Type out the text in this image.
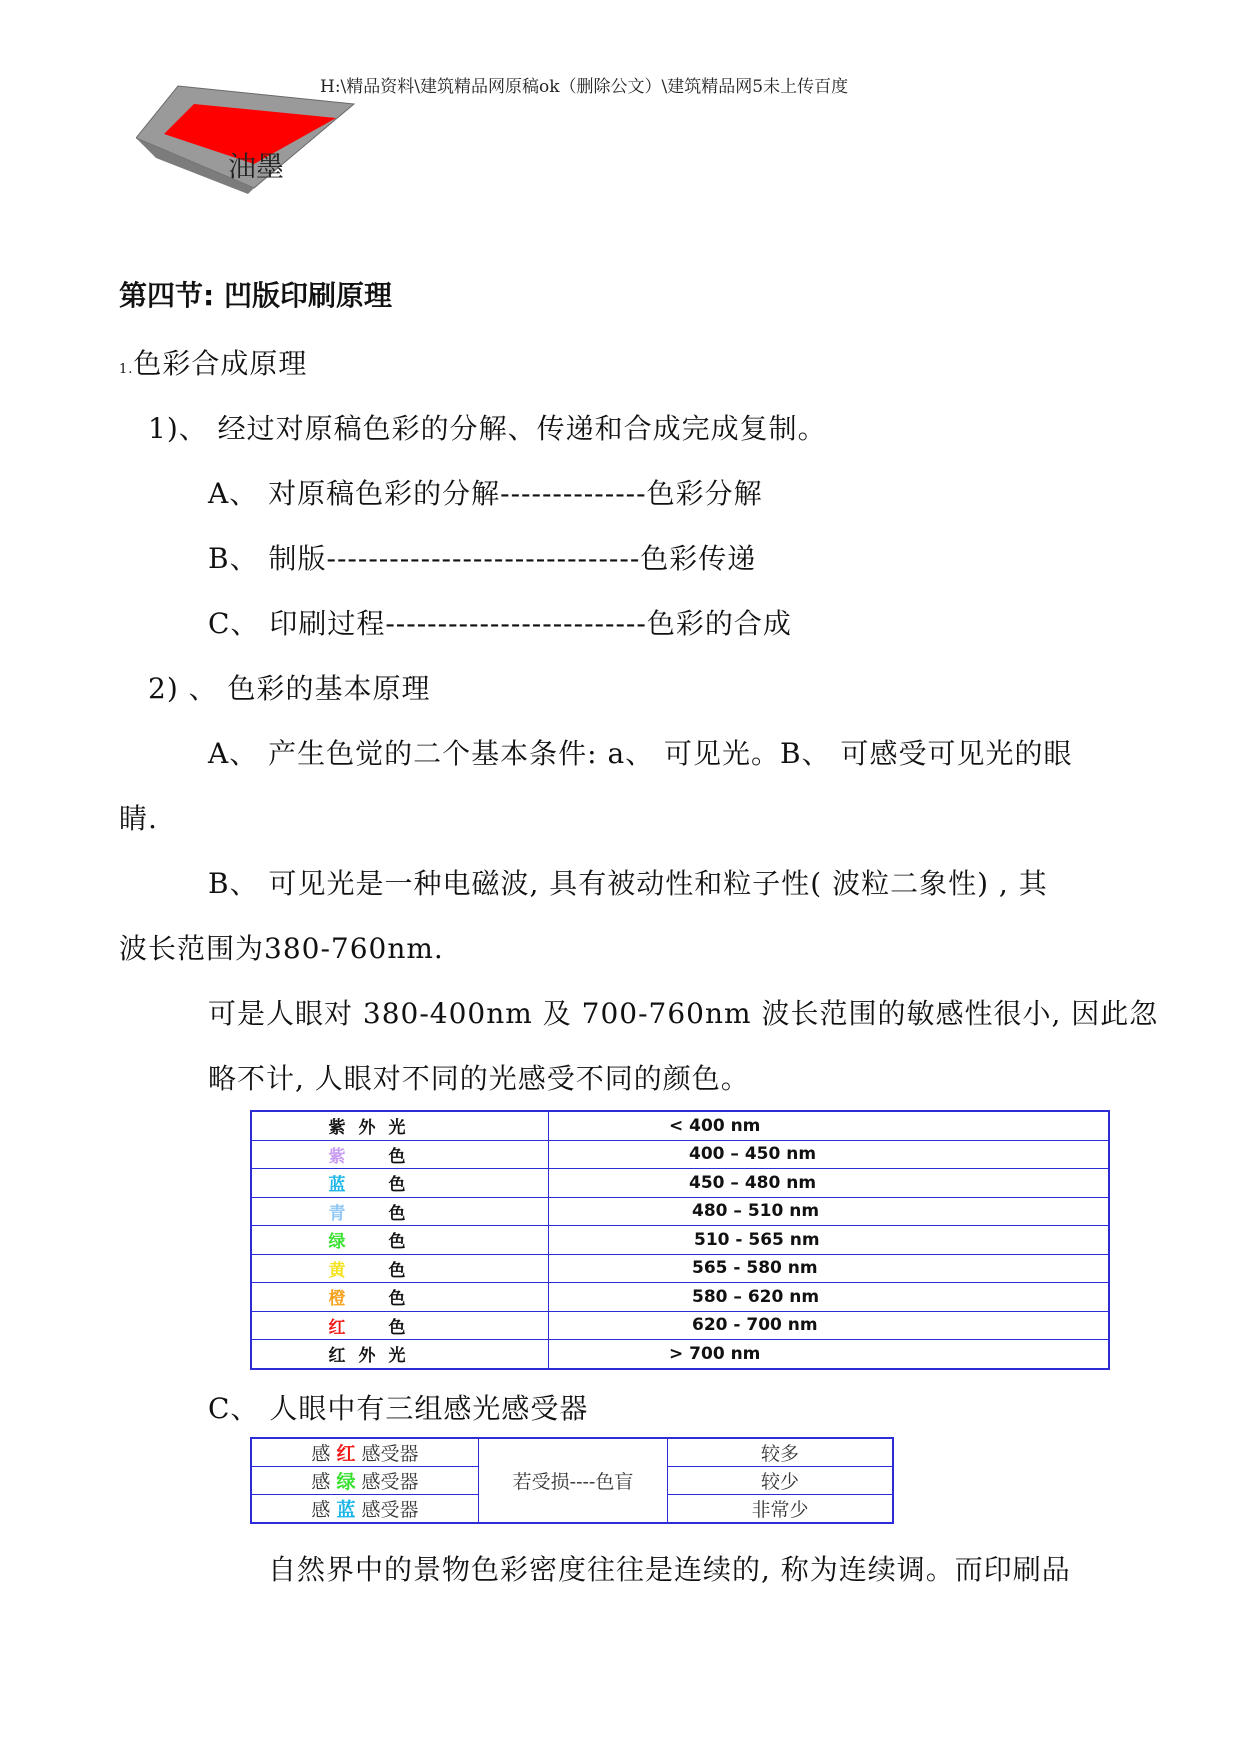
H:\精品资料\建筑精品网原稿ok（删除公文）\建筑精品网5未上传百度
油墨
第四节: 凹版印刷原理
1.色彩合成原理
1)、 经过对原稿色彩的分解、传递和合成完成复制。
A、 对原稿色彩的分解--------------色彩分解
B、 制版------------------------------色彩传递
C、 印刷过程-------------------------色彩的合成
2) 、 色彩的基本原理
A、 产生色觉的二个基本条件: a、 可见光。B、 可感受可见光的眼
睛.
B、 可见光是一种电磁波, 具有被动性和粒子性( 波粒二象性) , 其
波长范围为380-760nm.
可是人眼对 380-400nm 及 700-760nm 波长范围的敏感性很小, 因此忽
略不计, 人眼对不同的光感受不同的颜色。
紫 外 光	< 400 nm
紫 色	400 – 450 nm
蓝 色	450 – 480 nm
青 色	480 – 510 nm
绿 色	510 - 565 nm
黄 色	565 - 580 nm
橙 色	580 – 620 nm
红 色	620 - 700 nm
红 外 光	> 700 nm
C、 人眼中有三组感光感受器
感 红 感受器	若受损----色盲	较多
感 绿 感受器		较少
感 蓝 感受器		非常少
自然界中的景物色彩密度往往是连续的, 称为连续调。而印刷品
